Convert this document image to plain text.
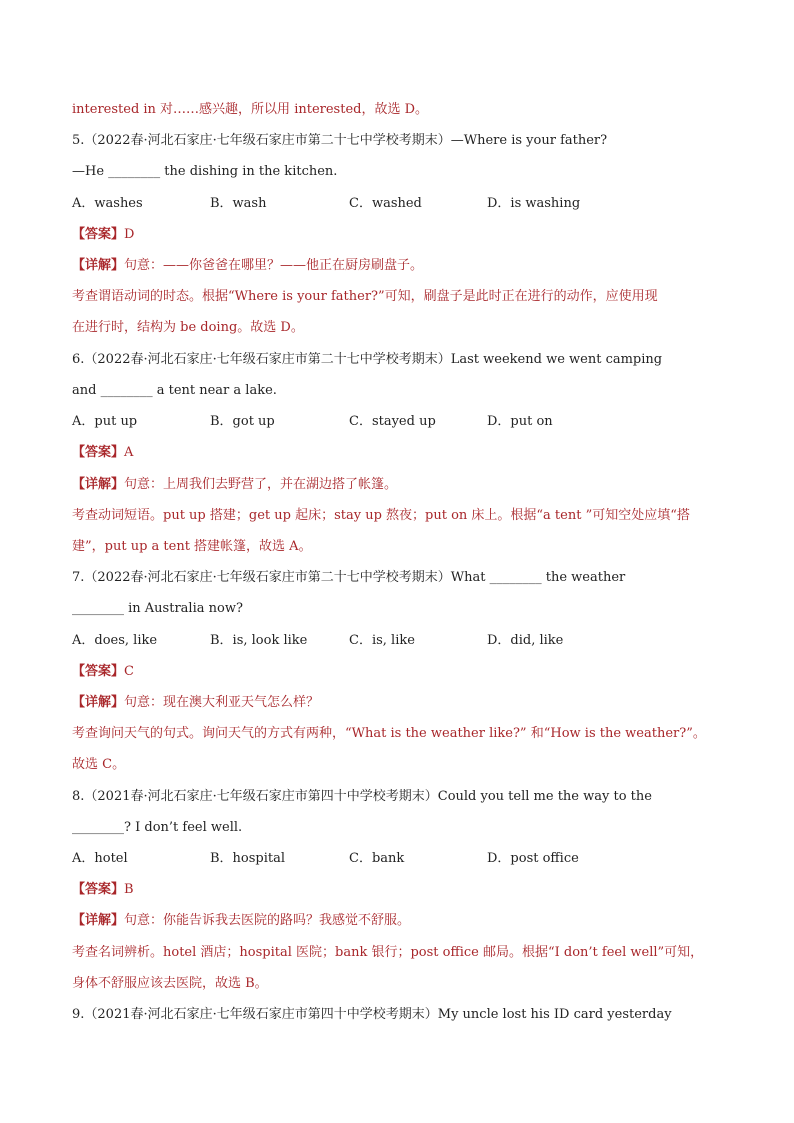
interested in 对……感兴趣，所以用 interested，故选 D。
5.（2022春·河北石家庄·七年级石家庄市第二十七中学校考期末）—Where is your father?
—He ________ the dishing in the kitchen.
A．washes	B．wash	C．washed	D．is washing
【答案】D
【详解】句意：——你爸爸在哪里？——他正在厨房刷盘子。
考查谓语动词的时态。根据“Where is your father?”可知，刷盘子是此时正在进行的动作，应使用现
在进行时，结构为 be doing。故选 D。
6.（2022春·河北石家庄·七年级石家庄市第二十七中学校考期末）Last weekend we went camping
and ________ a tent near a lake.
A．put up	B．got up	C．stayed up	D．put on
【答案】A
【详解】句意：上周我们去野营了，并在湖边搭了帐篷。
考查动词短语。put up 搭建；get up 起床；stay up 熬夜；put on 床上。根据“a tent ”可知空处应填“搭
建”，put up a tent 搭建帐篷，故选 A。
7.（2022春·河北石家庄·七年级石家庄市第二十七中学校考期末）What ________ the weather
________ in Australia now?
A．does, like	B．is, look like	C．is, like	D．did, like
【答案】C
【详解】句意：现在澳大利亚天气怎么样？
考查询问天气的句式。询问天气的方式有两种，“What is the weather like?” 和“How is the weather?”。
故选 C。
8.（2021春·河北石家庄·七年级石家庄市第四十中学校考期末）Could you tell me the way to the
________? I don’t feel well.
A．hotel	B．hospital	C．bank	D．post office
【答案】B
【详解】句意：你能告诉我去医院的路吗？我感觉不舒服。
考查名词辨析。hotel 酒店；hospital 医院；bank 银行；post office 邮局。根据“I don’t feel well”可知，
身体不舒服应该去医院，故选 B。
9.（2021春·河北石家庄·七年级石家庄市第四十中学校考期末）My uncle lost his ID card yesterday
